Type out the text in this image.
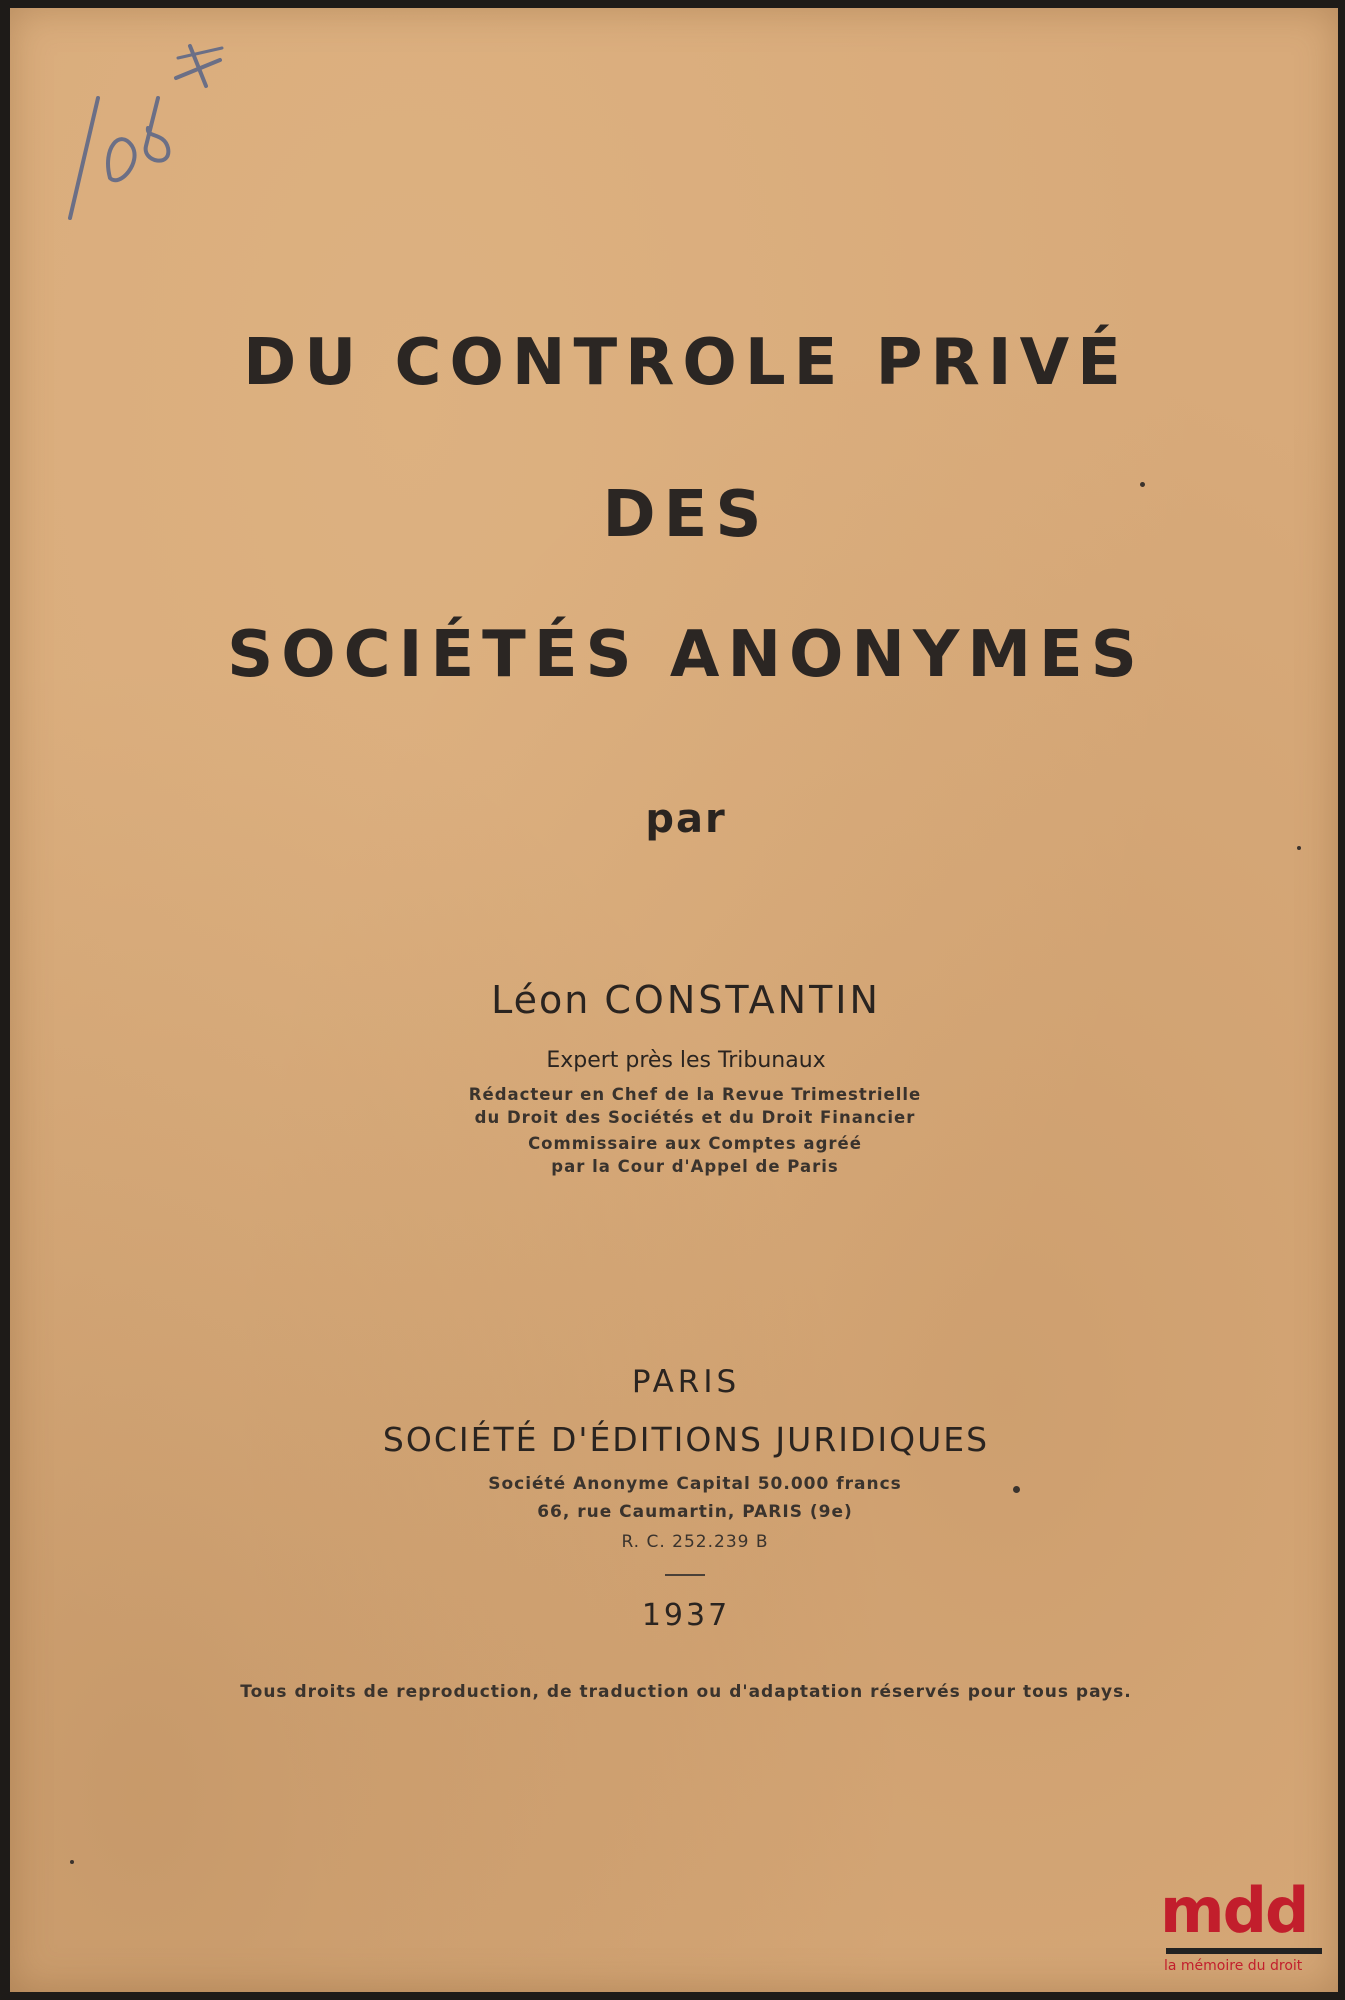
DU CONTROLE PRIVÉ
DES
SOCIÉTÉS ANONYMES
par
Léon CONSTANTIN
Expert près les Tribunaux
Rédacteur en Chef de la Revue Trimestrielle
du Droit des Sociétés et du Droit Financier
Commissaire aux Comptes agréé
par la Cour d'Appel de Paris
PARIS
SOCIÉTÉ D'ÉDITIONS JURIDIQUES
Société Anonyme Capital 50.000 francs
66, rue Caumartin, PARIS (9e)
R. C. 252.239 B
1937
Tous droits de reproduction, de traduction ou d'adaptation réservés pour tous pays.
mdd
la mémoire du droit
